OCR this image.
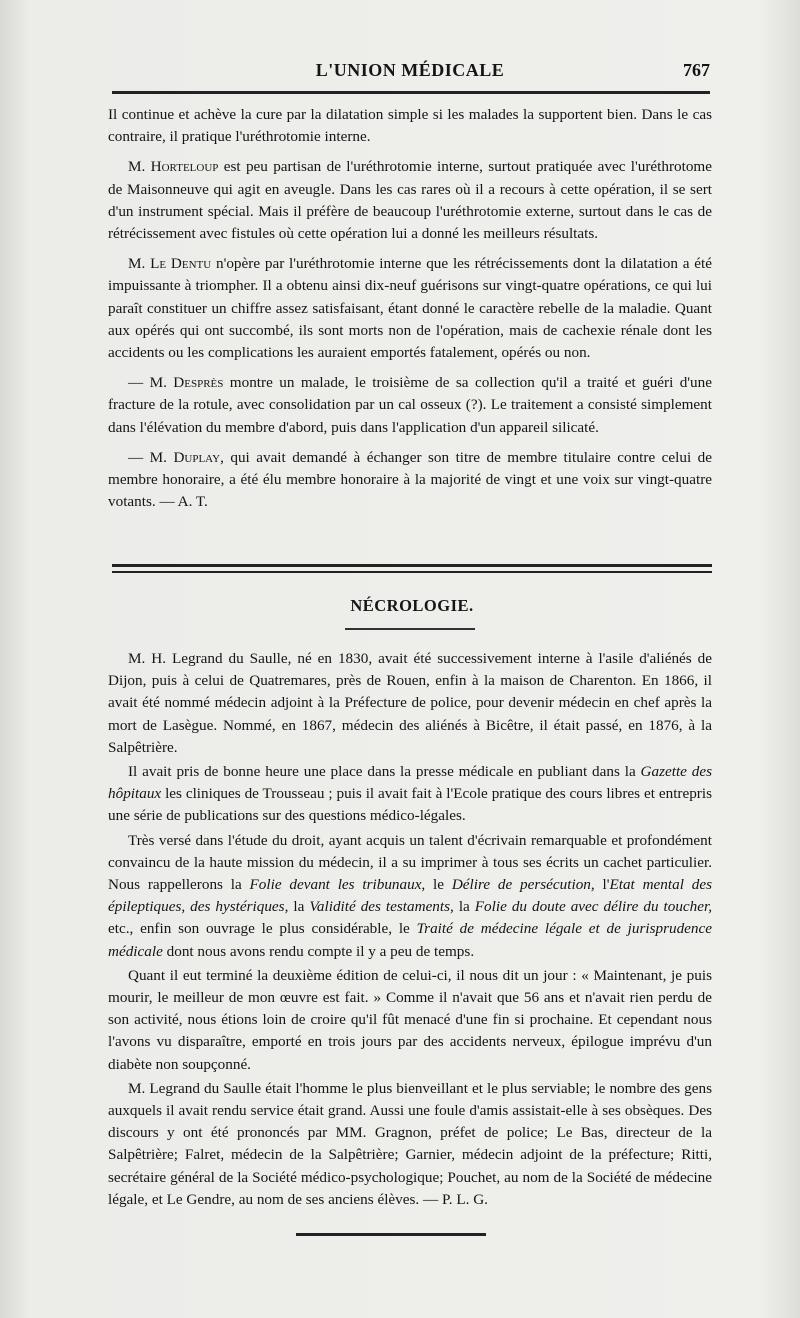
L'UNION MÉDICALE	767

Il continue et achève la cure par la dilatation simple si les malades la supportent bien. Dans le cas contraire, il pratique l'uréthrotomie interne.

M. Horteloup est peu partisan de l'uréthrotomie interne, surtout pratiquée avec l'uréthrotome de Maisonneuve qui agit en aveugle. Dans les cas rares où il a recours à cette opération, il se sert d'un instrument spécial. Mais il préfère de beaucoup l'uréthrotomie externe, surtout dans le cas de rétrécissement avec fistules où cette opération lui a donné les meilleurs résultats.

M. Le Dentu n'opère par l'uréthrotomie interne que les rétrécissements dont la dilatation a été impuissante à triompher. Il a obtenu ainsi dix-neuf guérisons sur vingt-quatre opérations, ce qui lui paraît constituer un chiffre assez satisfaisant, étant donné le caractère rebelle de la maladie. Quant aux opérés qui ont succombé, ils sont morts non de l'opération, mais de cachexie rénale dont les accidents ou les complications les auraient emportés fatalement, opérés ou non.

— M. Desprès montre un malade, le troisième de sa collection qu'il a traité et guéri d'une fracture de la rotule, avec consolidation par un cal osseux (?). Le traitement a consisté simplement dans l'élévation du membre d'abord, puis dans l'application d'un appareil silicaté.

— M. Duplay, qui avait demandé à échanger son titre de membre titulaire contre celui de membre honoraire, a été élu membre honoraire à la majorité de vingt et une voix sur vingt-quatre votants. — A. T.

NÉCROLOGIE.

M. H. Legrand du Saulle, né en 1830, avait été successivement interne à l'asile d'aliénés de Dijon, puis à celui de Quatremares, près de Rouen, enfin à la maison de Charenton. En 1866, il avait été nommé médecin adjoint à la Préfecture de police, pour devenir médecin en chef après la mort de Lasègue. Nommé, en 1867, médecin des aliénés à Bicêtre, il était passé, en 1876, à la Salpêtrière.

Il avait pris de bonne heure une place dans la presse médicale en publiant dans la Gazette des hôpitaux les cliniques de Trousseau ; puis il avait fait à l'Ecole pratique des cours libres et entrepris une série de publications sur des questions médico-légales.

Très versé dans l'étude du droit, ayant acquis un talent d'écrivain remarquable et profondément convaincu de la haute mission du médecin, il a su imprimer à tous ses écrits un cachet particulier. Nous rappellerons la Folie devant les tribunaux, le Délire de persécution, l'Etat mental des épileptiques, des hystériques, la Validité des testaments, la Folie du doute avec délire du toucher, etc., enfin son ouvrage le plus considérable, le Traité de médecine légale et de jurisprudence médicale dont nous avons rendu compte il y a peu de temps.

Quant il eut terminé la deuxième édition de celui-ci, il nous dit un jour : « Maintenant, je puis mourir, le meilleur de mon œuvre est fait. » Comme il n'avait que 56 ans et n'avait rien perdu de son activité, nous étions loin de croire qu'il fût menacé d'une fin si prochaine. Et cependant nous l'avons vu disparaître, emporté en trois jours par des accidents nerveux, épilogue imprévu d'un diabète non soupçonné.

M. Legrand du Saulle était l'homme le plus bienveillant et le plus serviable; le nombre des gens auxquels il avait rendu service était grand. Aussi une foule d'amis assistait-elle à ses obsèques. Des discours y ont été prononcés par MM. Gragnon, préfet de police; Le Bas, directeur de la Salpêtrière; Falret, médecin de la Salpêtrière; Garnier, médecin adjoint de la préfecture; Ritti, secrétaire général de la Société médico-psychologique; Pouchet, au nom de la Société de médecine légale, et Le Gendre, au nom de ses anciens élèves. — P. L. G.
